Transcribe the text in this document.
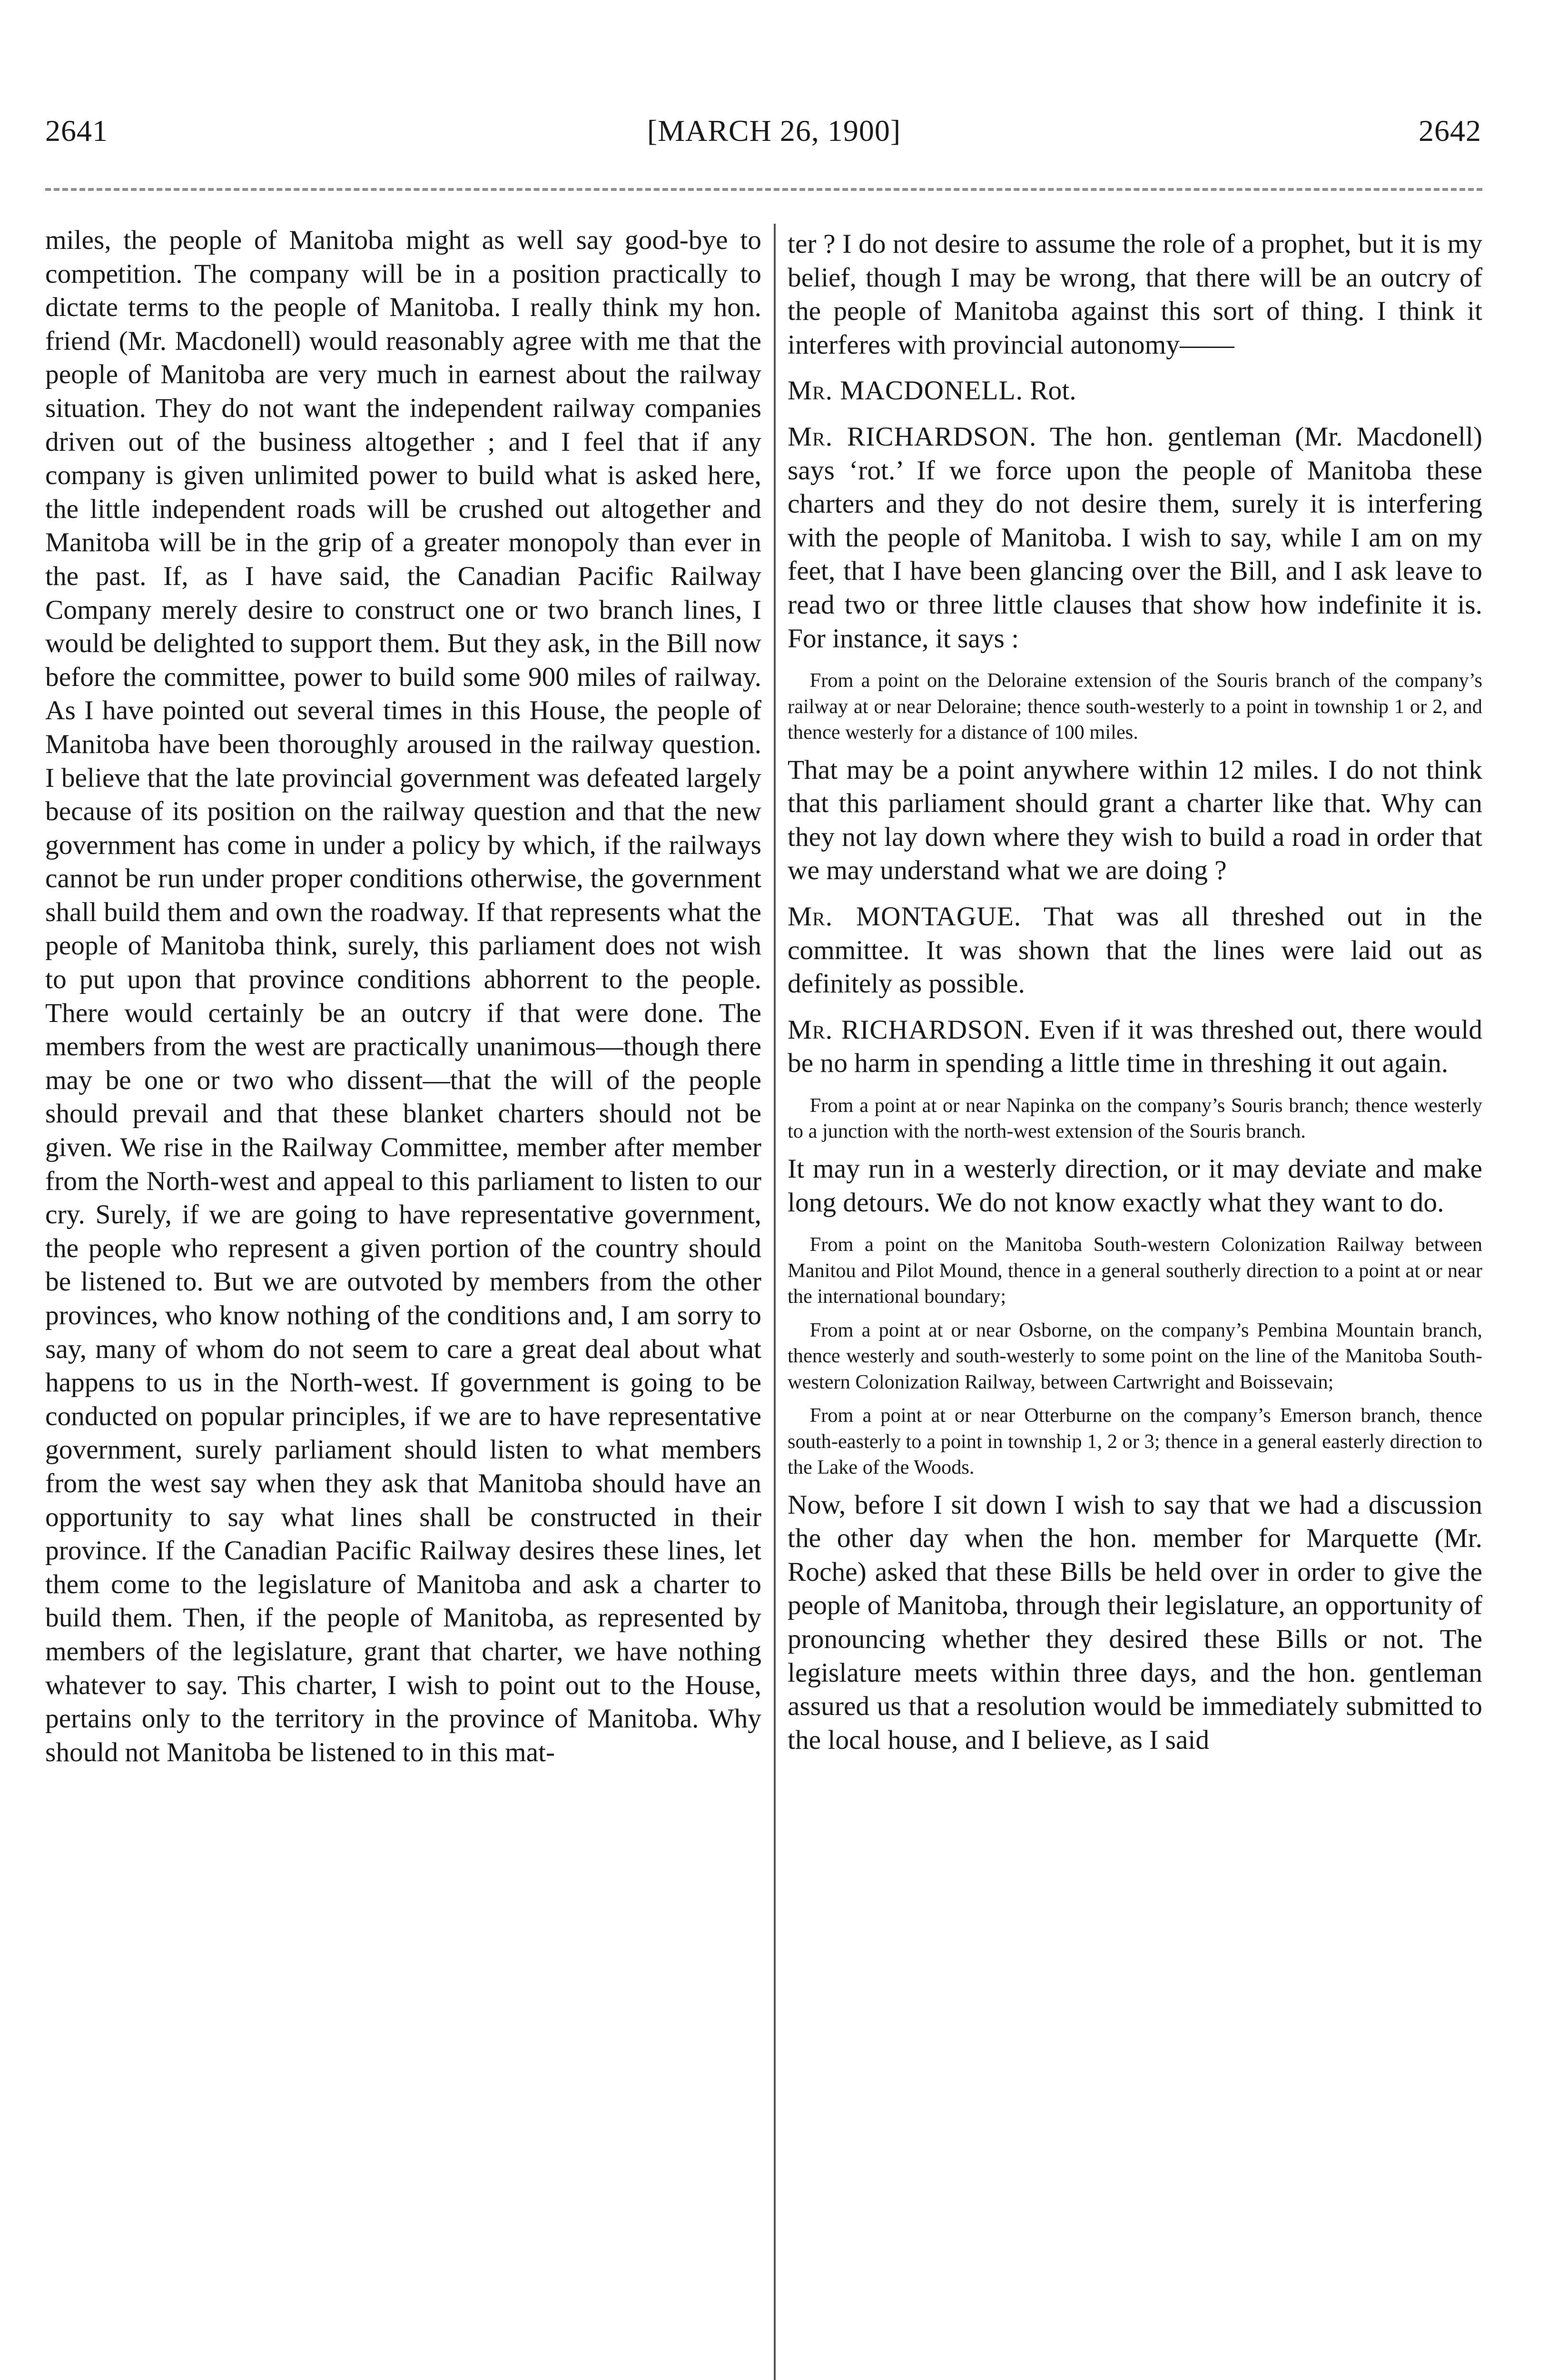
2641	[MARCH 26, 1900]	2642

miles, the people of Manitoba might as well say good-bye to competition. The company will be in a position practically to dictate terms to the people of Manitoba. I really think my hon. friend (Mr. Macdonell) would reasonably agree with me that the people of Manitoba are very much in earnest about the railway situation. They do not want the independent railway companies driven out of the business altogether ; and I feel that if any company is given unlimited power to build what is asked here, the little independent roads will be crushed out altogether and Manitoba will be in the grip of a greater monopoly than ever in the past. If, as I have said, the Canadian Pacific Railway Company merely desire to construct one or two branch lines, I would be delighted to support them. But they ask, in the Bill now before the committee, power to build some 900 miles of railway. As I have pointed out several times in this House, the people of Manitoba have been thoroughly aroused in the railway question. I believe that the late provincial government was defeated largely because of its position on the railway question and that the new government has come in under a policy by which, if the railways cannot be run under proper conditions otherwise, the government shall build them and own the roadway. If that represents what the people of Manitoba think, surely, this parliament does not wish to put upon that province conditions abhorrent to the people. There would certainly be an outcry if that were done. The members from the west are practically unanimous—though there may be one or two who dissent—that the will of the people should prevail and that these blanket charters should not be given. We rise in the Railway Committee, member after member from the North-west and appeal to this parliament to listen to our cry. Surely, if we are going to have representative government, the people who represent a given portion of the country should be listened to. But we are outvoted by members from the other provinces, who know nothing of the conditions and, I am sorry to say, many of whom do not seem to care a great deal about what happens to us in the North-west. If government is going to be conducted on popular principles, if we are to have representative government, surely parliament should listen to what members from the west say when they ask that Manitoba should have an opportunity to say what lines shall be constructed in their province. If the Canadian Pacific Railway desires these lines, let them come to the legislature of Manitoba and ask a charter to build them. Then, if the people of Manitoba, as represented by members of the legislature, grant that charter, we have nothing whatever to say. This charter, I wish to point out to the House, pertains only to the territory in the province of Manitoba. Why should not Manitoba be listened to in this mat-

ter ? I do not desire to assume the role of a prophet, but it is my belief, though I may be wrong, that there will be an outcry of the people of Manitoba against this sort of thing. I think it interferes with provincial autonomy——

Mr. MACDONELL. Rot.

Mr. RICHARDSON. The hon. gentleman (Mr. Macdonell) says ‘rot.’ If we force upon the people of Manitoba these charters and they do not desire them, surely it is interfering with the people of Manitoba. I wish to say, while I am on my feet, that I have been glancing over the Bill, and I ask leave to read two or three little clauses that show how indefinite it is. For instance, it says :

From a point on the Deloraine extension of the Souris branch of the company’s railway at or near Deloraine; thence south-westerly to a point in township 1 or 2, and thence westerly for a distance of 100 miles.

That may be a point anywhere within 12 miles. I do not think that this parliament should grant a charter like that. Why can they not lay down where they wish to build a road in order that we may understand what we are doing ?

Mr. MONTAGUE. That was all threshed out in the committee. It was shown that the lines were laid out as definitely as possible.

Mr. RICHARDSON. Even if it was threshed out, there would be no harm in spending a little time in threshing it out again.

From a point at or near Napinka on the company’s Souris branch; thence westerly to a junction with the north-west extension of the Souris branch.

It may run in a westerly direction, or it may deviate and make long detours. We do not know exactly what they want to do.

From a point on the Manitoba South-western Colonization Railway between Manitou and Pilot Mound, thence in a general southerly direction to a point at or near the international boundary;

From a point at or near Osborne, on the company’s Pembina Mountain branch, thence westerly and south-westerly to some point on the line of the Manitoba South-western Colonization Railway, between Cartwright and Boissevain;

From a point at or near Otterburne on the company’s Emerson branch, thence south-easterly to a point in township 1, 2 or 3; thence in a general easterly direction to the Lake of the Woods.

Now, before I sit down I wish to say that we had a discussion the other day when the hon. member for Marquette (Mr. Roche) asked that these Bills be held over in order to give the people of Manitoba, through their legislature, an opportunity of pronouncing whether they desired these Bills or not. The legislature meets within three days, and the hon. gentleman assured us that a resolution would be immediately submitted to the local house, and I believe, as I said
